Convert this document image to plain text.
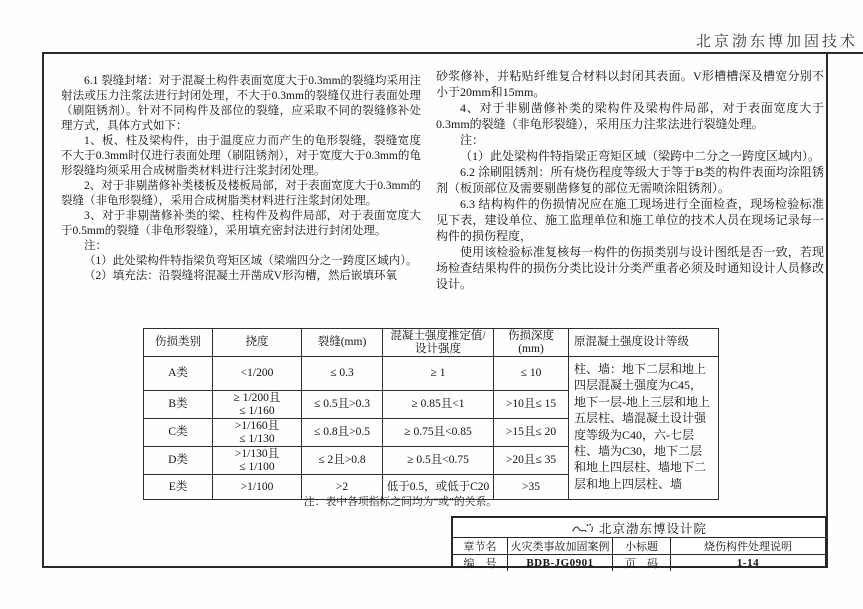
北京渤东博加固技术

6.1 裂缝封堵：对于混凝土构件表面宽度大于0.3mm的裂缝均采用注射法或压力注浆法进行封闭处理，不大于0.3mm的裂缝仅进行表面处理（刷阻锈剂）。针对不同构件及部位的裂缝，应采取不同的裂缝修补处理方式，具体方式如下：

1、板、柱及梁构件，由于温度应力而产生的龟形裂缝，裂缝宽度不大于0.3mm时仅进行表面处理（刷阻锈剂），对于宽度大于0.3mm的龟形裂缝均须采用合成树脂类材料进行注浆封闭处理。

2、对于非剔凿修补类楼板及楼板局部，对于表面宽度大于0.3mm的裂缝（非龟形裂缝），采用合成树脂类材料进行注浆封闭处理。

3、对于非剔凿修补类的梁、柱构件及构件局部，对于表面宽度大于0.5mm的裂缝（非龟形裂缝），采用填充密封法进行封闭处理。

注：

（1）此处梁构件特指梁负弯矩区域（梁端四分之一跨度区域内）。

（2）填充法：沿裂缝将混凝土开凿成V形沟槽，然后嵌填环氧

砂浆修补，并粘贴纤维复合材料以封闭其表面。V形槽槽深及槽宽分别不小于20mm和15mm。

4、对于非剔凿修补类的梁构件及梁构件局部，对于表面宽度大于0.3mm的裂缝（非龟形裂缝），采用压力注浆法进行裂缝处理。

注：

（1）此处梁构件特指梁正弯矩区域（梁跨中二分之一跨度区域内）。

6.2 涂刷阻锈剂：所有烧伤程度等级大于等于B类的构件表面均涂阻锈剂（板顶部位及需要剔凿修复的部位无需喷涂阻锈剂）。

6.3 结构构件的伤损情况应在施工现场进行全面检查，现场检验标准见下表，建设单位、施工监理单位和施工单位的技术人员在现场记录每一构件的损伤程度，

使用该检验标准复核每一构件的伤损类别与设计图纸是否一致，若现场检查结果构件的损伤分类比设计分类严重者必须及时通知设计人员修改设计。

伤损类别	挠度	裂缝(mm)	混凝土强度推定值/设计强度	伤损深度(mm)	原混凝土强度设计等级
A类	<1/200	≤ 0.3	≥ 1	≤ 10	柱、墙：地下二层和地上四层混凝土强度为C45，地下一层-地上三层和地上五层柱、墙混凝土设计强度等级为C40，六-七层柱、墙为C30，地下二层和地上四层柱、墙地下二层和地上四层柱、墙
B类	≥ 1/200且
≤ 1/160	≤ 0.5且>0.3	≥ 0.85且<1	>10且≤ 15	
C类	>1/160且
≤ 1/130	≤ 0.8且>0.5	≥ 0.75且<0.85	>15且≤ 20	
D类	>1/130且
≤ 1/100	≤ 2且>0.8	≥ 0.5且<0.75	>20且≤ 35	
E类	>1/100	>2	低于0.5，或低于C20	>35	
注：表中各项指标之间均为“或”的关系。
北京渤东博设计院
章节名	火灾类事故加固案例	小标题	烧伤构件处理说明
编　号	BDB-JG0901	页　码	1-14
